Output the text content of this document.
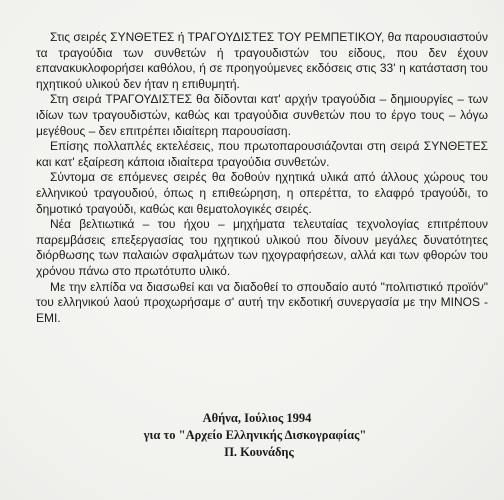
Στις σειρές ΣΥΝΘΕΤΕΣ ή ΤΡΑΓΟΥΔΙΣΤΕΣ ΤΟΥ ΡΕΜΠΕΤΙΚΟΥ, θα παρουσιαστούν τα τραγούδια των συνθετών ή τραγουδιστών του είδους, που δεν έχουν επανακυκλοφορήσει καθόλου, ή σε προηγούμενες εκδόσεις στις 33' η κατάσταση του ηχητικού υλικού δεν ήταν η επιθυμητή.

Στη σειρά ΤΡΑΓΟΥΔΙΣΤΕΣ θα δίδονται κατ' αρχήν τραγούδια – δημιουργίες – των ιδίων των τραγουδιστών, καθώς και τραγούδια συνθετών που το έργο τους – λόγω μεγέθους – δεν επιτρέπει ιδιαίτερη παρουσίαση.

Επίσης πολλαπλές εκτελέσεις, που πρωτοπαρουσιάζονται στη σειρά ΣΥΝΘΕΤΕΣ και κατ' εξαίρεση κάποια ιδιαίτερα τραγούδια συνθετών.

Σύντομα σε επόμενες σειρές θα δοθούν ηχητικά υλικά από άλλους χώρους του ελληνικού τραγουδιού, όπως η επιθεώρηση, η οπερέττα, το ελαφρό τραγούδι, το δημοτικό τραγούδι, καθώς και θεματολογικές σειρές.

Νέα βελτιωτικά – του ήχου – μηχήματα τελευταίας τεχνολογίας επιτρέπουν παρεμβάσεις επεξεργασίας του ηχητικού υλικού που δίνουν μεγάλες δυνατότητες διόρθωσης των παλαιών σφαλμάτων των ηχογραφήσεων, αλλά και των φθορών του χρόνου πάνω στο πρωτότυπο υλικό.

Με την ελπίδα να διασωθεί και να διαδοθεί το σπουδαίο αυτό "πολιτιστικό προϊόν" του ελληνικού λαού προχωρήσαμε σ' αυτή την εκδοτική συνεργασία με την MINOS - EMI.

Αθήνα, Ιούλιος 1994
για το "Αρχείο Ελληνικής Δισκογραφίας"
Π. Κουνάδης
